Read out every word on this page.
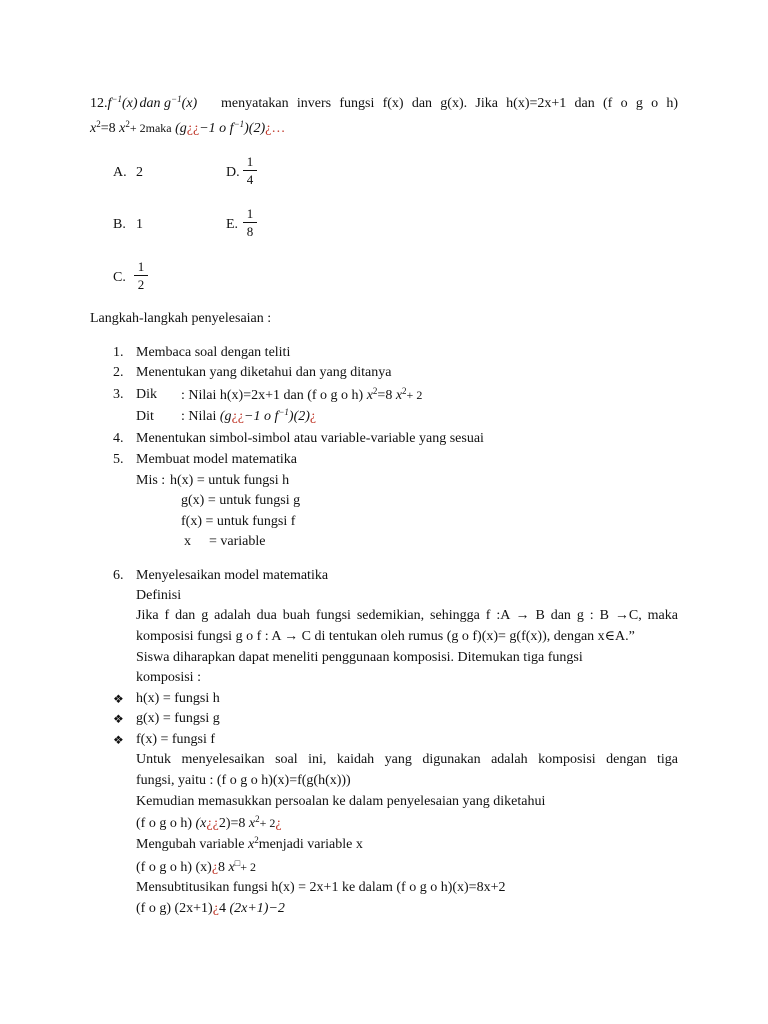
$12.f^{-1}(x)$ dan $g^{-1}(x)$ menyatakan invers fungsi f(x) dan g(x). Jika h(x)=2x+1 dan (f o g o h)
$x^2=8$ $x^2+$ 2maka (g¿¿−1 o $f^{-1})(2)¿\dots$
A. 2	D. $\frac{1}{4}$
B. 1	E. $\frac{1}{8}$
C. $\frac{1}{2}$
Langkah-langkah penyelesaian :
1. Membaca soal dengan teliti
2. Menentukan yang diketahui dan yang ditanya
3. Dik : Nilai h(x)=2x+1 dan (f o g o h) $x^2=8$ $x^2+ 2$
Dit : Nilai (g¿¿−1 o $f^{-1})(2)¿$
4. Menentukan simbol-simbol atau variable-variable yang sesuai
5. Membuat model matematika
Mis : h(x) = untuk fungsi h
g(x) = untuk fungsi g
f(x) = untuk fungsi f
x = variable
6. Menyelesaikan model matematika
Definisi
Jika f dan g adalah dua buah fungsi sedemikian, sehingga f :A → B dan g : B →C, maka
komposisi fungsi g o f : A → C di tentukan oleh rumus (g o f)(x)= g(f(x)), dengan x∈A.”
Siswa diharapkan dapat meneliti penggunaan komposisi. Ditemukan tiga fungsi
komposisi :
❖ h(x) = fungsi h
❖ g(x) = fungsi g
❖ f(x) = fungsi f
Untuk menyelesaikan soal ini, kaidah yang digunakan adalah komposisi dengan tiga
fungsi, yaitu : (f o g o h)(x)=f(g(h(x)))
Kemudian memasukkan persoalan ke dalam penyelesaian yang diketahui
(f o g o h) (x¿¿2)=8 $x^2+$ 2¿
Mengubah variable $x^2menjadi$ variable x
(f o g o h) (x)¿8 x□+ 2
Mensubtitusikan fungsi h(x) = 2x+1 ke dalam (f o g o h)(x)=8x+2
(f o g) (2x+1)¿4 (2x+1)−2
